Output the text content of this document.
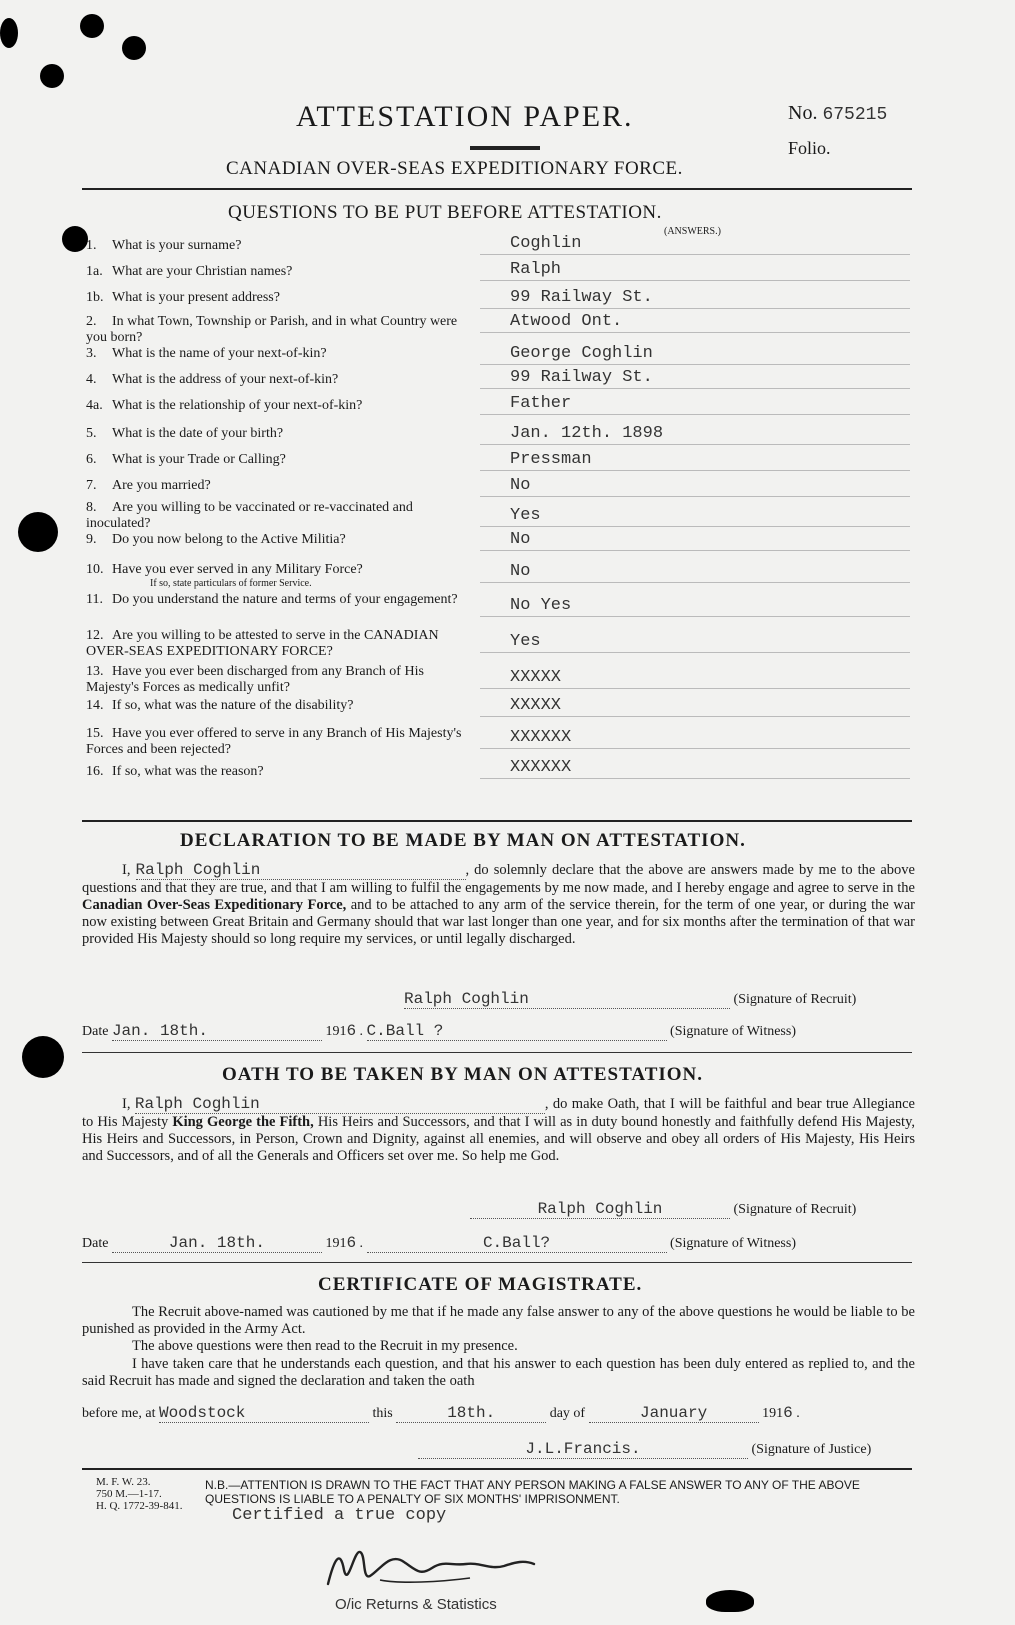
ATTESTATION PAPER.	No. 675215
Folio.
CANADIAN OVER-SEAS EXPEDITIONARY FORCE.
QUESTIONS TO BE PUT BEFORE ATTESTATION.
(ANSWERS.)
1. What is your surname?	Coghlin
1a. What are your Christian names?	Ralph
1b. What is your present address?	99 Railway St.
2. In what Town, Township or Parish, and in what Country were you born?
Atwood Ont.
3. What is the name of your next-of-kin?	George Coghlin
4. What is the address of your next-of-kin?	99 Railway St.
4a. What is the relationship of your next-of-kin?	Father
5. What is the date of your birth?	Jan. 12th. 1898
6. What is your Trade or Calling?	Pressman
7. Are you married?	No
8. Are you willing to be vaccinated or re-vaccinated and inoculated?	Yes
9. Do you now belong to the Active Militia?	No
10. Have you ever served in any Military Force?
If so, state particulars of former Service.
No
11. Do you understand the nature and terms of your engagement?	No Yes
12. Are you willing to be attested to serve in the CANADIAN OVER-SEAS EXPEDITIONARY FORCE?
Yes
13. Have you ever been discharged from any Branch of His Majesty's Forces as medically unfit?
XXXXX
14. If so, what was the nature of the disability?	XXXXX
15. Have you ever offered to serve in any Branch of His Majesty's Forces and been rejected?
XXXXXX
16. If so, what was the reason?	XXXXXX
DECLARATION TO BE MADE BY MAN ON ATTESTATION.
I, Ralph Coghlin	, do solemnly declare that the above are answers made by me to the above questions and that they are true, and that I am willing to fulfil the engagements by me now made, and I hereby engage and agree to serve in the Canadian Over-Seas Expeditionary Force, and to be attached to any arm of the service therein, for the term of one year, or during the war now existing between Great Britain and Germany should that war last longer than one year, and for six months after the termination of that war provided His Majesty should so long require my services, or until legally discharged.
Ralph Coghlin	(Signature of Recruit)
Date Jan. 18th.	1916 . C.Ball ?	(Signature of Witness)
OATH TO BE TAKEN BY MAN ON ATTESTATION.
I, Ralph Coghlin	, do make Oath, that I will be faithful and bear true Allegiance to His Majesty King George the Fifth, His Heirs and Successors, and that I will as in duty bound honestly and faithfully defend His Majesty, His Heirs and Successors, in Person, Crown and Dignity, against all enemies, and will observe and obey all orders of His Majesty, His Heirs and Successors, and of all the Generals and Officers set over me. So help me God.
Ralph Coghlin	(Signature of Recruit)
Date	Jan. 18th.	1916 .	C.Ball?	(Signature of Witness)
CERTIFICATE OF MAGISTRATE.
The Recruit above-named was cautioned by me that if he made any false answer to any of the above questions he would be liable to be punished as provided in the Army Act.
The above questions were then read to the Recruit in my presence.
I have taken care that he understands each question, and that his answer to each question has been duly entered as replied to, and the said Recruit has made and signed the declaration and taken the oath
before me, at Woodstock	this	18th.	day of	January	1916 .
J.L.Francis.	(Signature of Justice)
M. F. W. 23.
750 M.—1-17.
H. Q. 1772-39-841.
N.B.—ATTENTION IS DRAWN TO THE FACT THAT ANY PERSON MAKING A FALSE ANSWER TO ANY OF THE ABOVE QUESTIONS IS LIABLE TO A PENALTY OF SIX MONTHS' IMPRISONMENT.
Certified a true copy
O/ic Returns & Statistics
